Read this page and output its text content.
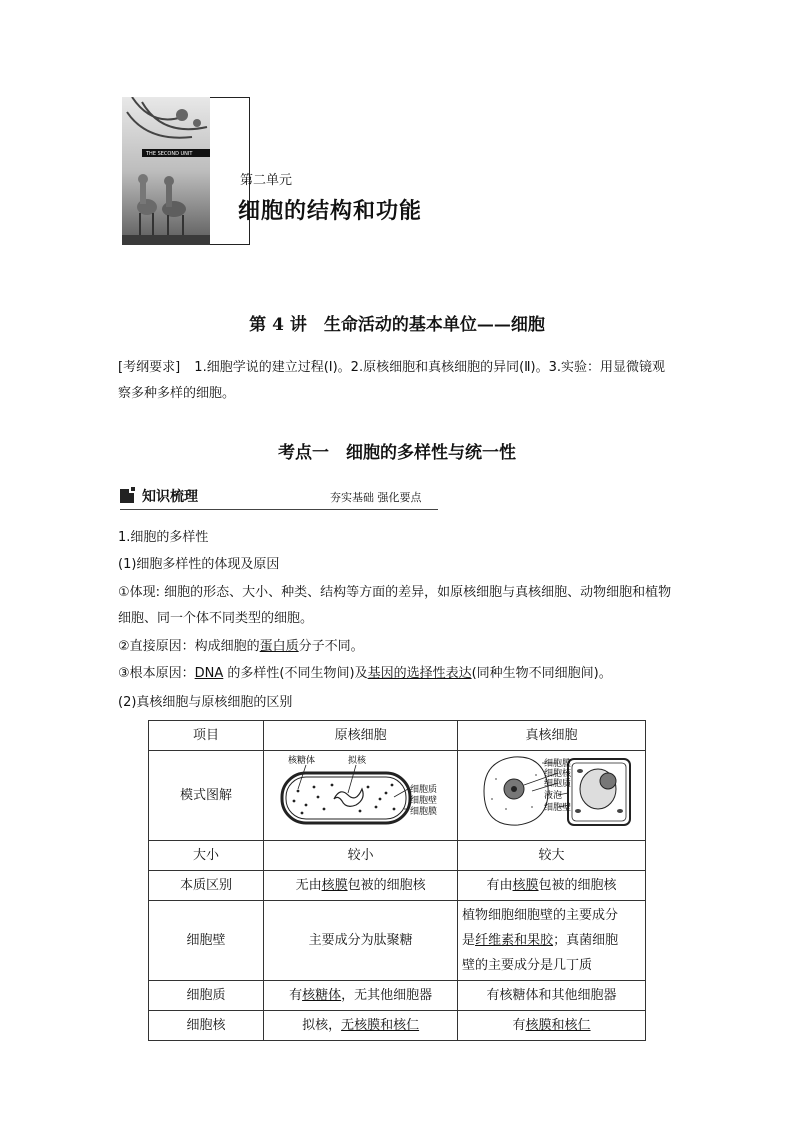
THE SECOND UNIT
第二单元
细胞的结构和功能
第 4 讲　生命活动的基本单位——细胞
[考纲要求] 1.细胞学说的建立过程(Ⅰ)。2.原核细胞和真核细胞的异同(Ⅱ)。3.实验：用显微镜观察多种多样的细胞。
考点一　细胞的多样性与统一性
知识梳理	夯实基础 强化要点
1.细胞的多样性
(1)细胞多样性的体现及原因
①体现: 细胞的形态、大小、种类、结构等方面的差异，如原核细胞与真核细胞、动物细胞和植物细胞、同一个体不同类型的细胞。
②直接原因：构成细胞的蛋白质分子不同。
③根本原因：DNA 的多样性(不同生物间)及基因的选择性表达(同种生物不同细胞间)。
(2)真核细胞与原核细胞的区别
项目	原核细胞	真核细胞
模式图解	核糖体 拟核
细胞质
细胞壁
细胞膜	细胞膜
细胞核
细胞质
液泡
细胞壁

大小	较小	较大
本质区别	无由核膜包被的细胞核	有由核膜包被的细胞核
细胞壁	主要成分为肽聚糖	植物细胞细胞壁的主要成分
是纤维素和果胶；真菌细胞
壁的主要成分是几丁质

细胞质	有核糖体，无其他细胞器	有核糖体和其他细胞器
细胞核	拟核，无核膜和核仁	有核膜和核仁
